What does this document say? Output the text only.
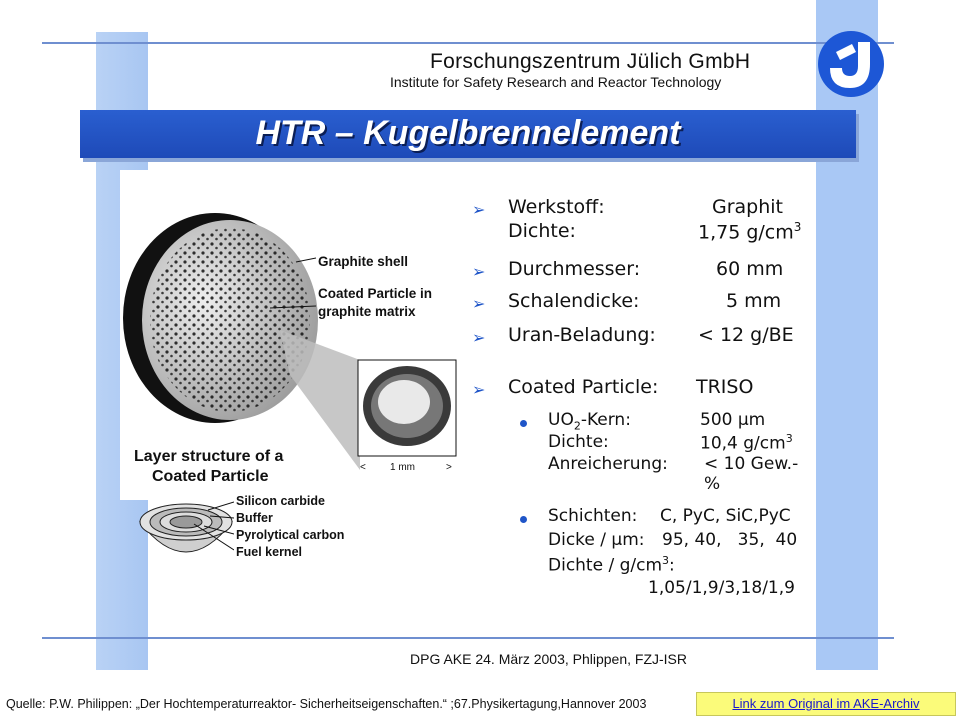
Forschungszentrum Jülich GmbH
Institute for Safety Research and Reactor Technology
HTR – Kugelbrennelement
Graphite shell
Coated Particle in
graphite matrix
< 1 mm	>
Layer structure of a
Coated Particle
Silicon carbide
Buffer
Pyrolytical carbon
Fuel kernel
➢ Werkstoff:	Graphit
Dichte:	1,75 $g/cm^3$
➢ Durchmesser:	60 mm
➢ Schalendicke:	5 mm
➢ Uran-Beladung: < 12 g/BE
➢ Coated Particle: TRISO
$UO_2$-Kern:	500 μm
Dichte:	10,4 $g/cm^3$
Anreicherung: < 10 Gew.-%
Schichten: C, PyC, SiC,PyC
Dicke / μm: 95, 40,   35,  40
Dichte / $g/cm^3$:
1,05/1,9/3,18/1,9
DPG AKE 24. März 2003, Phlippen, FZJ-ISR
Quelle: P.W. Philippen: „Der Hochtemperaturreaktor- Sicherheitseigenschaften.“ ;67.Physikertagung,Hannover 2003	Link zum Original im AKE-Archiv
